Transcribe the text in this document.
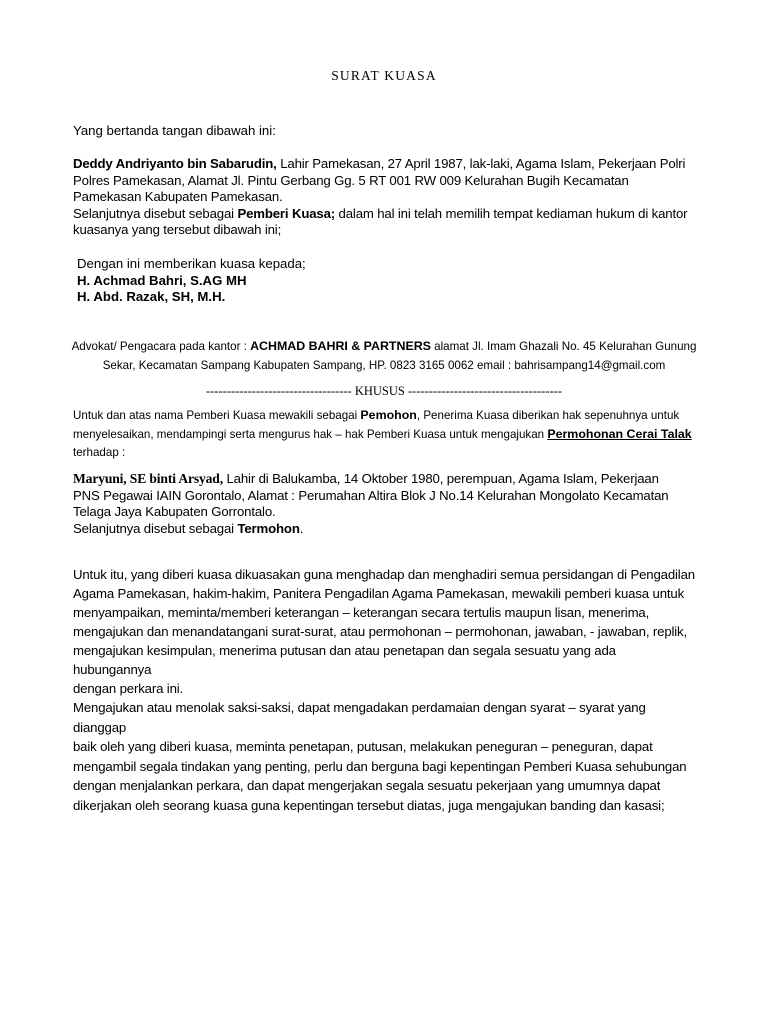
SURAT KUASA
Yang bertanda tangan dibawah ini:
Deddy Andriyanto bin Sabarudin, Lahir Pamekasan, 27 April 1987, lak-laki, Agama Islam, Pekerjaan Polri
Polres Pamekasan, Alamat Jl. Pintu Gerbang Gg. 5 RT 001 RW 009 Kelurahan Bugih Kecamatan
Pamekasan Kabupaten Pamekasan.
Selanjutnya disebut sebagai Pemberi Kuasa; dalam hal ini telah memilih tempat kediaman hukum di kantor
kuasanya yang tersebut dibawah ini;
Dengan ini memberikan kuasa kepada;
H. Achmad Bahri, S.AG MH
H. Abd. Razak, SH, M.H.
Advokat/ Pengacara pada kantor : ACHMAD BAHRI & PARTNERS alamat Jl. Imam Ghazali No. 45 Kelurahan Gunung
Sekar, Kecamatan Sampang Kabupaten Sampang, HP. 0823 3165 0062 email : bahrisampang14@gmail.com
----------------------------------- KHUSUS -------------------------------------
Untuk dan atas nama Pemberi Kuasa mewakili sebagai Pemohon, Penerima Kuasa diberikan hak sepenuhnya untuk
menyelesaikan, mendampingi serta mengurus hak – hak Pemberi Kuasa untuk mengajukan Permohonan Cerai Talak
terhadap :
Maryuni, SE binti Arsyad, Lahir di Balukamba, 14 Oktober 1980, perempuan, Agama Islam, Pekerjaan
PNS Pegawai IAIN Gorontalo, Alamat : Perumahan Altira Blok J No.14 Kelurahan Mongolato Kecamatan
Telaga Jaya Kabupaten Gorrontalo.
Selanjutnya disebut sebagai Termohon.
Untuk itu, yang diberi kuasa dikuasakan guna menghadap dan menghadiri semua persidangan di Pengadilan
Agama Pamekasan, hakim-hakim, Panitera Pengadilan Agama Pamekasan, mewakili pemberi kuasa untuk
menyampaikan, meminta/memberi keterangan – keterangan secara tertulis maupun lisan, menerima,
mengajukan dan menandatangani surat-surat, atau permohonan – permohonan, jawaban, - jawaban, replik,
mengajukan kesimpulan, menerima putusan dan atau penetapan dan segala sesuatu yang ada hubungannya
dengan perkara ini.
Mengajukan atau menolak saksi-saksi, dapat mengadakan perdamaian dengan syarat – syarat yang dianggap
baik oleh yang diberi kuasa, meminta penetapan, putusan, melakukan peneguran – peneguran, dapat
mengambil segala tindakan yang penting, perlu dan berguna bagi kepentingan Pemberi Kuasa sehubungan
dengan menjalankan perkara, dan dapat mengerjakan segala sesuatu pekerjaan yang umumnya dapat
dikerjakan oleh seorang kuasa guna kepentingan tersebut diatas, juga mengajukan banding dan kasasi;
